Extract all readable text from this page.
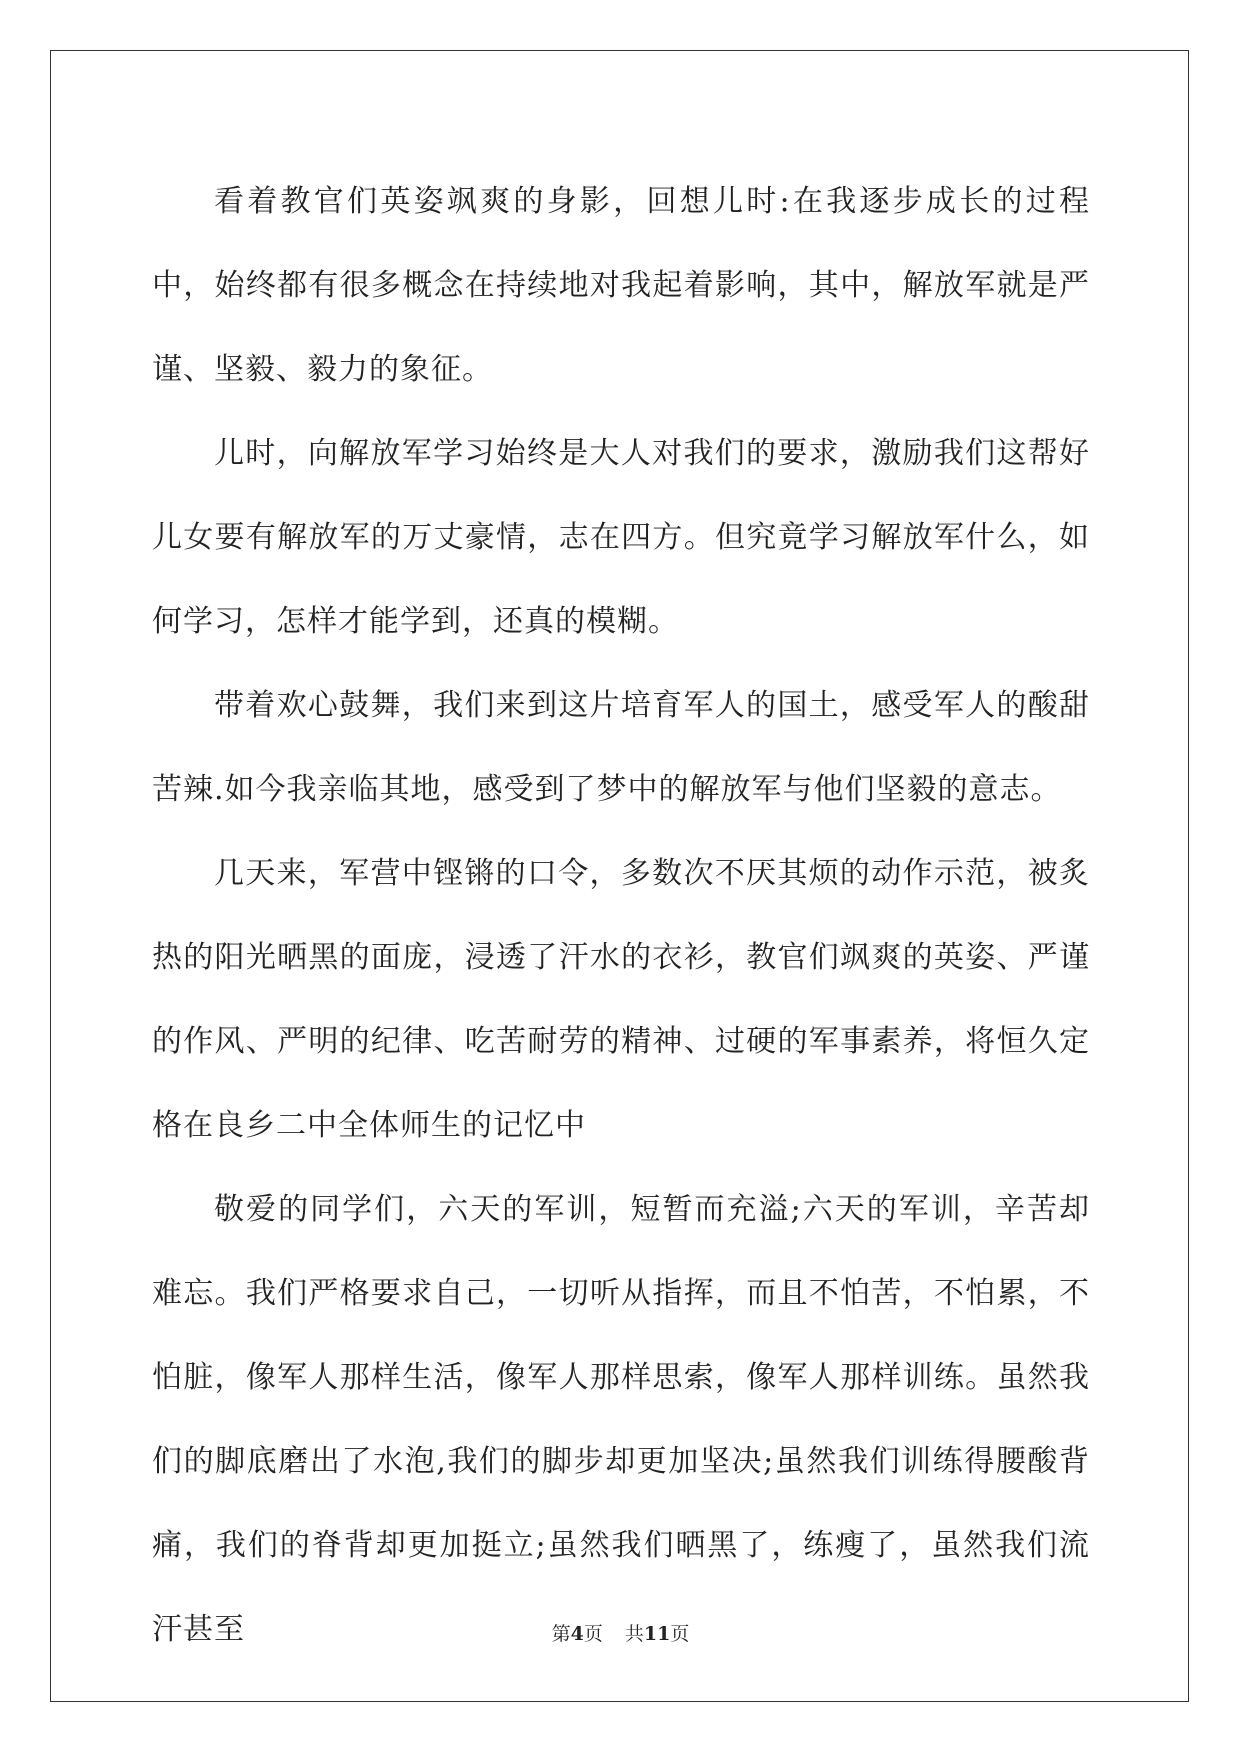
看着教官们英姿飒爽的身影，回想儿时:在我逐步成长的过程中，始终都有很多概念在持续地对我起着影响，其中，解放军就是严谨、坚毅、毅力的象征。

儿时，向解放军学习始终是大人对我们的要求，激励我们这帮好儿女要有解放军的万丈豪情，志在四方。但究竟学习解放军什么，如何学习，怎样才能学到，还真的模糊。

带着欢心鼓舞，我们来到这片培育军人的国土，感受军人的酸甜苦辣.如今我亲临其地，感受到了梦中的解放军与他们坚毅的意志。

几天来，军营中铿锵的口令，多数次不厌其烦的动作示范，被炙热的阳光晒黑的面庞，浸透了汗水的衣衫，教官们飒爽的英姿、严谨的作风、严明的纪律、吃苦耐劳的精神、过硬的军事素养，将恒久定格在良乡二中全体师生的记忆中

敬爱的同学们，六天的军训，短暂而充溢;六天的军训，辛苦却难忘。我们严格要求自己，一切听从指挥，而且不怕苦，不怕累，不怕脏，像军人那样生活，像军人那样思索，像军人那样训练。虽然我们的脚底磨出了水泡,我们的脚步却更加坚决;虽然我们训练得腰酸背痛，我们的脊背却更加挺立;虽然我们晒黑了，练瘦了，虽然我们流汗甚至	第4页 共11页
